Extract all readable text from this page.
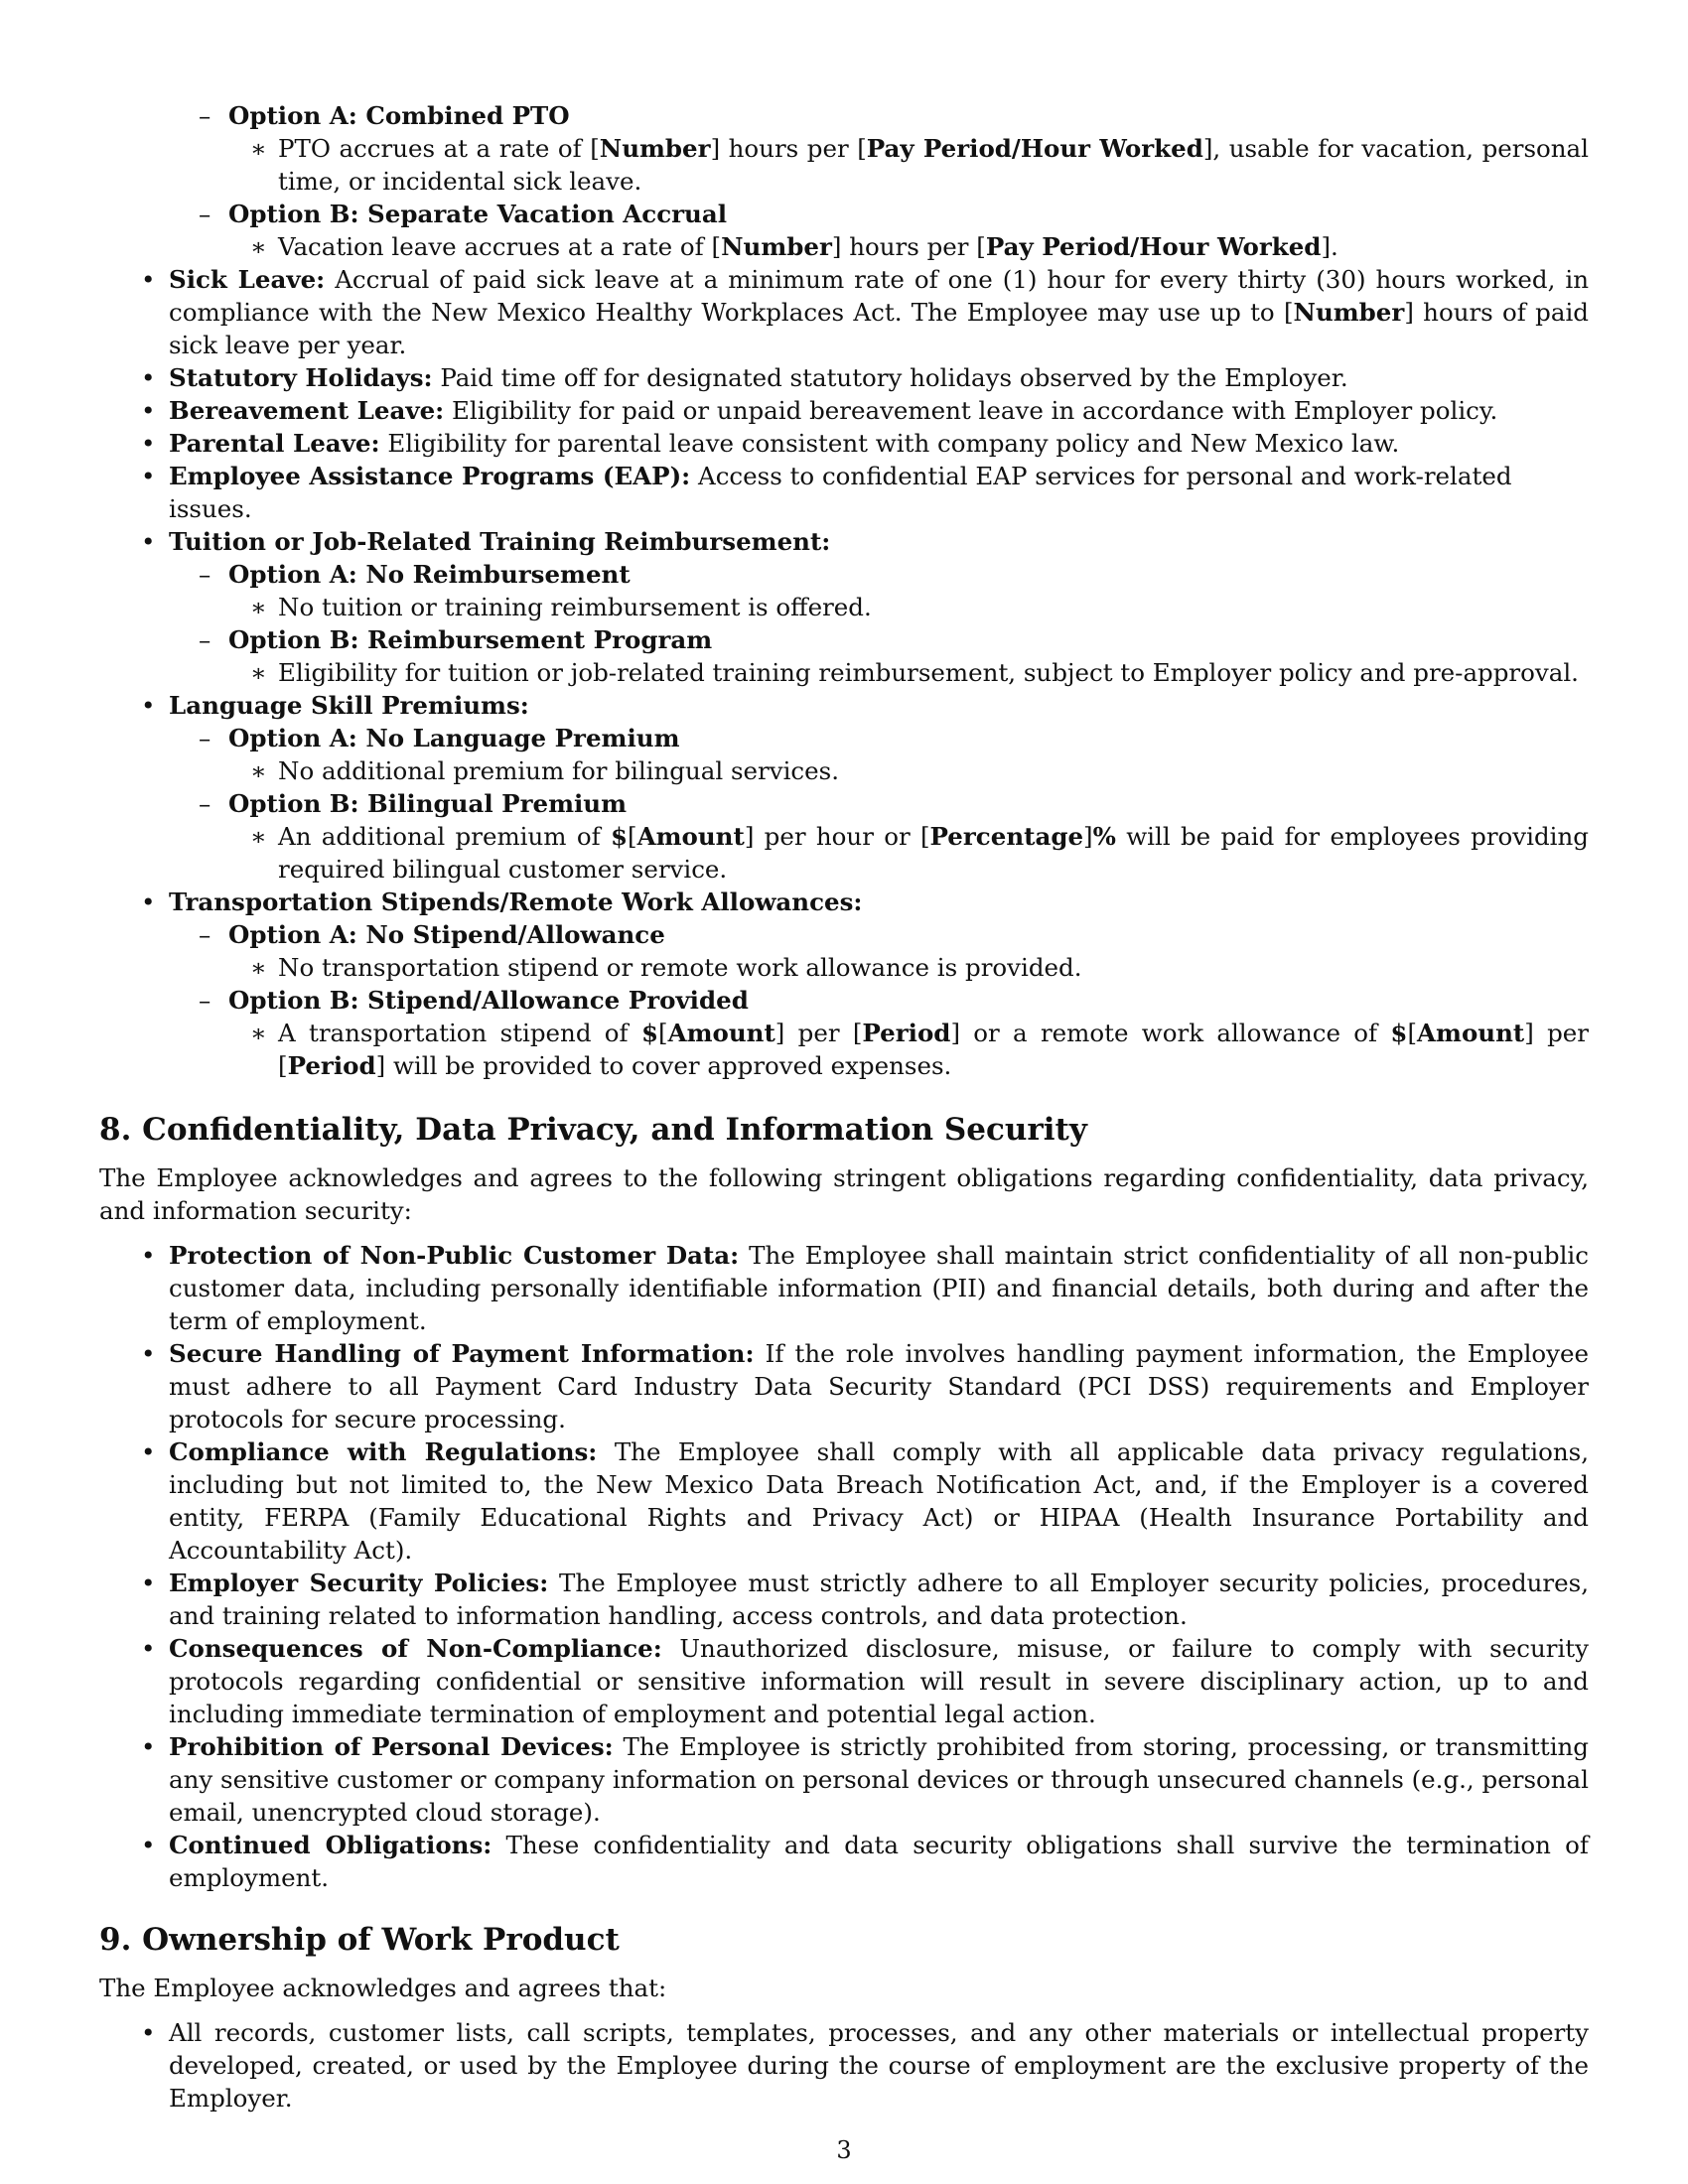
– Option A: Combined PTO
∗ PTO accrues at a rate of [Number] hours per [Pay Period/Hour Worked], usable for vacation, personal time, or incidental sick leave.
– Option B: Separate Vacation Accrual
∗ Vacation leave accrues at a rate of [Number] hours per [Pay Period/Hour Worked].
• Sick Leave: Accrual of paid sick leave at a minimum rate of one (1) hour for every thirty (30) hours worked, in compliance with the New Mexico Healthy Workplaces Act. The Employee may use up to [Number] hours of paid sick leave per year.
• Statutory Holidays: Paid time off for designated statutory holidays observed by the Employer.
• Bereavement Leave: Eligibility for paid or unpaid bereavement leave in accordance with Employer policy.
• Parental Leave: Eligibility for parental leave consistent with company policy and New Mexico law.
• Employee Assistance Programs (EAP): Access to confidential EAP services for personal and work-related issues.
• Tuition or Job-Related Training Reimbursement:
– Option A: No Reimbursement
∗ No tuition or training reimbursement is offered.
– Option B: Reimbursement Program
∗ Eligibility for tuition or job-related training reimbursement, subject to Employer policy and pre-approval.
• Language Skill Premiums:
– Option A: No Language Premium
∗ No additional premium for bilingual services.
– Option B: Bilingual Premium
∗ An additional premium of $[Amount] per hour or [Percentage]% will be paid for employees providing required bilingual customer service.
• Transportation Stipends/Remote Work Allowances:
– Option A: No Stipend/Allowance
∗ No transportation stipend or remote work allowance is provided.
– Option B: Stipend/Allowance Provided
∗ A transportation stipend of $[Amount] per [Period] or a remote work allowance of $[Amount] per [Period] will be provided to cover approved expenses.
8. Confidentiality, Data Privacy, and Information Security

The Employee acknowledges and agrees to the following stringent obligations regarding confidentiality, data privacy, and information security:

• Protection of Non-Public Customer Data: The Employee shall maintain strict confidentiality of all non-public customer data, including personally identifiable information (PII) and financial details, both during and after the term of employment.
• Secure Handling of Payment Information: If the role involves handling payment information, the Employee must adhere to all Payment Card Industry Data Security Standard (PCI DSS) requirements and Employer protocols for secure processing.
• Compliance with Regulations: The Employee shall comply with all applicable data privacy regulations, including but not limited to, the New Mexico Data Breach Notification Act, and, if the Employer is a covered entity, FERPA (Family Educational Rights and Privacy Act) or HIPAA (Health Insurance Portability and Accountability Act).
• Employer Security Policies: The Employee must strictly adhere to all Employer security policies, procedures, and training related to information handling, access controls, and data protection.
• Consequences of Non-Compliance: Unauthorized disclosure, misuse, or failure to comply with security protocols regarding confidential or sensitive information will result in severe disciplinary action, up to and including immediate termination of employment and potential legal action.
• Prohibition of Personal Devices: The Employee is strictly prohibited from storing, processing, or transmitting any sensitive customer or company information on personal devices or through unsecured channels (e.g., personal email, unencrypted cloud storage).
• Continued Obligations: These confidentiality and data security obligations shall survive the termination of employment.
9. Ownership of Work Product

The Employee acknowledges and agrees that:

• All records, customer lists, call scripts, templates, processes, and any other materials or intellectual property developed, created, or used by the Employee during the course of employment are the exclusive property of the Employer.
3
